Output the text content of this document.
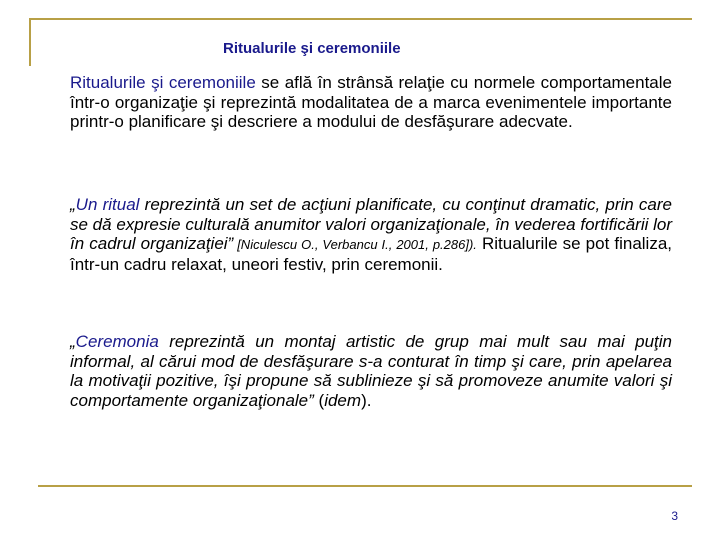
Ritualurile şi ceremoniile
Ritualurile şi ceremoniile se află în strânsă relaţie cu normele comportamentale într-o organizaţie şi reprezintă modalitatea de a marca evenimentele importante printr-o planificare şi descriere a modului de desfăşurare adecvate.
„Un ritual reprezintă un set de acţiuni planificate, cu conţinut dramatic, prin care se dă expresie culturală anumitor valori organizaţionale, în vederea fortificării lor în cadrul organizaţiei” [Niculescu O., Verbancu I., 2001, p.286]). Ritualurile se pot finaliza, într-un cadru relaxat, uneori festiv, prin ceremonii.
„Ceremonia reprezintă un montaj artistic de grup mai mult sau mai puţin informal, al cărui mod de desfăşurare s-a conturat în timp şi care, prin apelarea la motivaţii pozitive, îşi propune să sublinieze şi să promoveze anumite valori şi comportamente organizaţionale” (idem).
3
